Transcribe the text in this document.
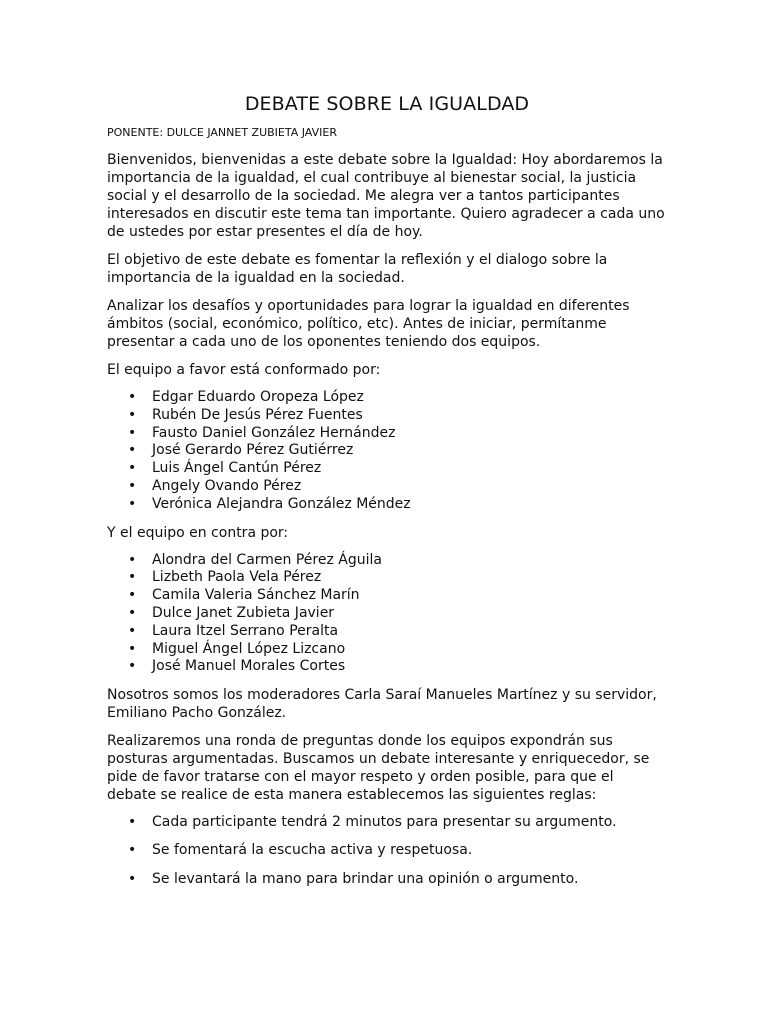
DEBATE SOBRE LA IGUALDAD
PONENTE: DULCE JANNET ZUBIETA JAVIER

Bienvenidos, bienvenidas a este debate sobre la Igualdad: Hoy abordaremos la importancia de la igualdad, el cual contribuye al bienestar social, la justicia social y el desarrollo de la sociedad. Me alegra ver a tantos participantes interesados en discutir este tema tan importante. Quiero agradecer a cada uno de ustedes por estar presentes el día de hoy.

El objetivo de este debate es fomentar la reflexión y el dialogo sobre la importancia de la igualdad en la sociedad.

Analizar los desafíos y oportunidades para lograr la igualdad en diferentes ámbitos (social, económico, político, etc). Antes de iniciar, permítanme presentar a cada uno de los oponentes teniendo dos equipos.

El equipo a favor está conformado por:

• Edgar Eduardo Oropeza López
• Rubén De Jesús Pérez Fuentes
• Fausto Daniel González Hernández
• José Gerardo Pérez Gutiérrez
• Luis Ángel Cantún Pérez
• Angely Ovando Pérez
• Verónica Alejandra González Méndez

Y el equipo en contra por:

• Alondra del Carmen Pérez Águila
• Lizbeth Paola Vela Pérez
• Camila Valeria Sánchez Marín
• Dulce Janet Zubieta Javier
• Laura Itzel Serrano Peralta
• Miguel Ángel López Lizcano
• José Manuel Morales Cortes

Nosotros somos los moderadores Carla Saraí Manueles Martínez y su servidor, Emiliano Pacho González.

Realizaremos una ronda de preguntas donde los equipos expondrán sus posturas argumentadas. Buscamos un debate interesante y enriquecedor, se pide de favor tratarse con el mayor respeto y orden posible, para que el debate se realice de esta manera establecemos las siguientes reglas:

• Cada participante tendrá 2 minutos para presentar su argumento.
• Se fomentará la escucha activa y respetuosa.
• Se levantará la mano para brindar una opinión o argumento.
